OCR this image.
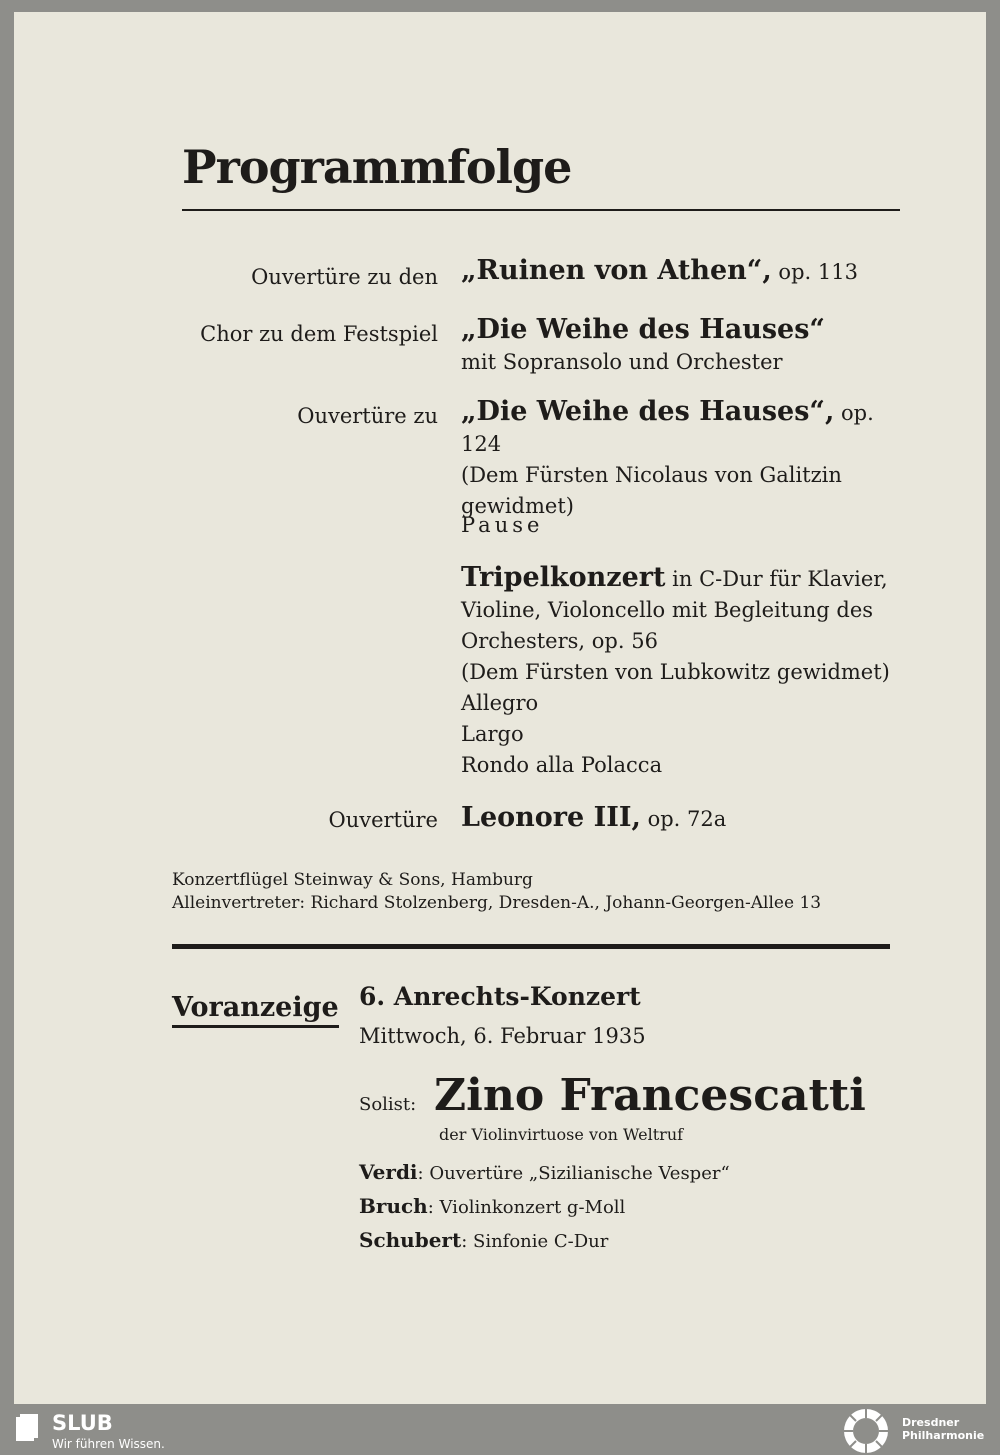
Programmfolge
Ouvertüre zu den „Ruinen von Athen“, op. 113

Chor zu dem Festspiel „Die Weihe des Hauses“

mit Sopransolo und Orchester

Ouvertüre zu „Die Weihe des Hauses“, op. 124

(Dem Fürsten Nicolaus von Galitzin

gewidmet)

Pause

Tripelkonzert in C-Dur für Klavier,

Violine, Violoncello mit Begleitung des

Orchesters, op. 56

(Dem Fürsten von Lubkowitz gewidmet)

Allegro

Largo

Rondo alla Polacca

Ouvertüre Leonore III, op. 72a

Konzertflügel Steinway & Sons, Hamburg
Alleinvertreter: Richard Stolzenberg, Dresden-A., Johann-Georgen-Allee 13
Voranzeige 6. Anrechts-Konzert
Mittwoch, 6. Februar 1935
Solist: Zino Francescatti
der Violinvirtuose von Weltruf
Verdi: Ouvertüre „Sizilianische Vesper“
Bruch: Violinkonzert g-Moll
Schubert: Sinfonie C-Dur
SLUB
Wir führen Wissen.
Dresdner
Philharmonie
